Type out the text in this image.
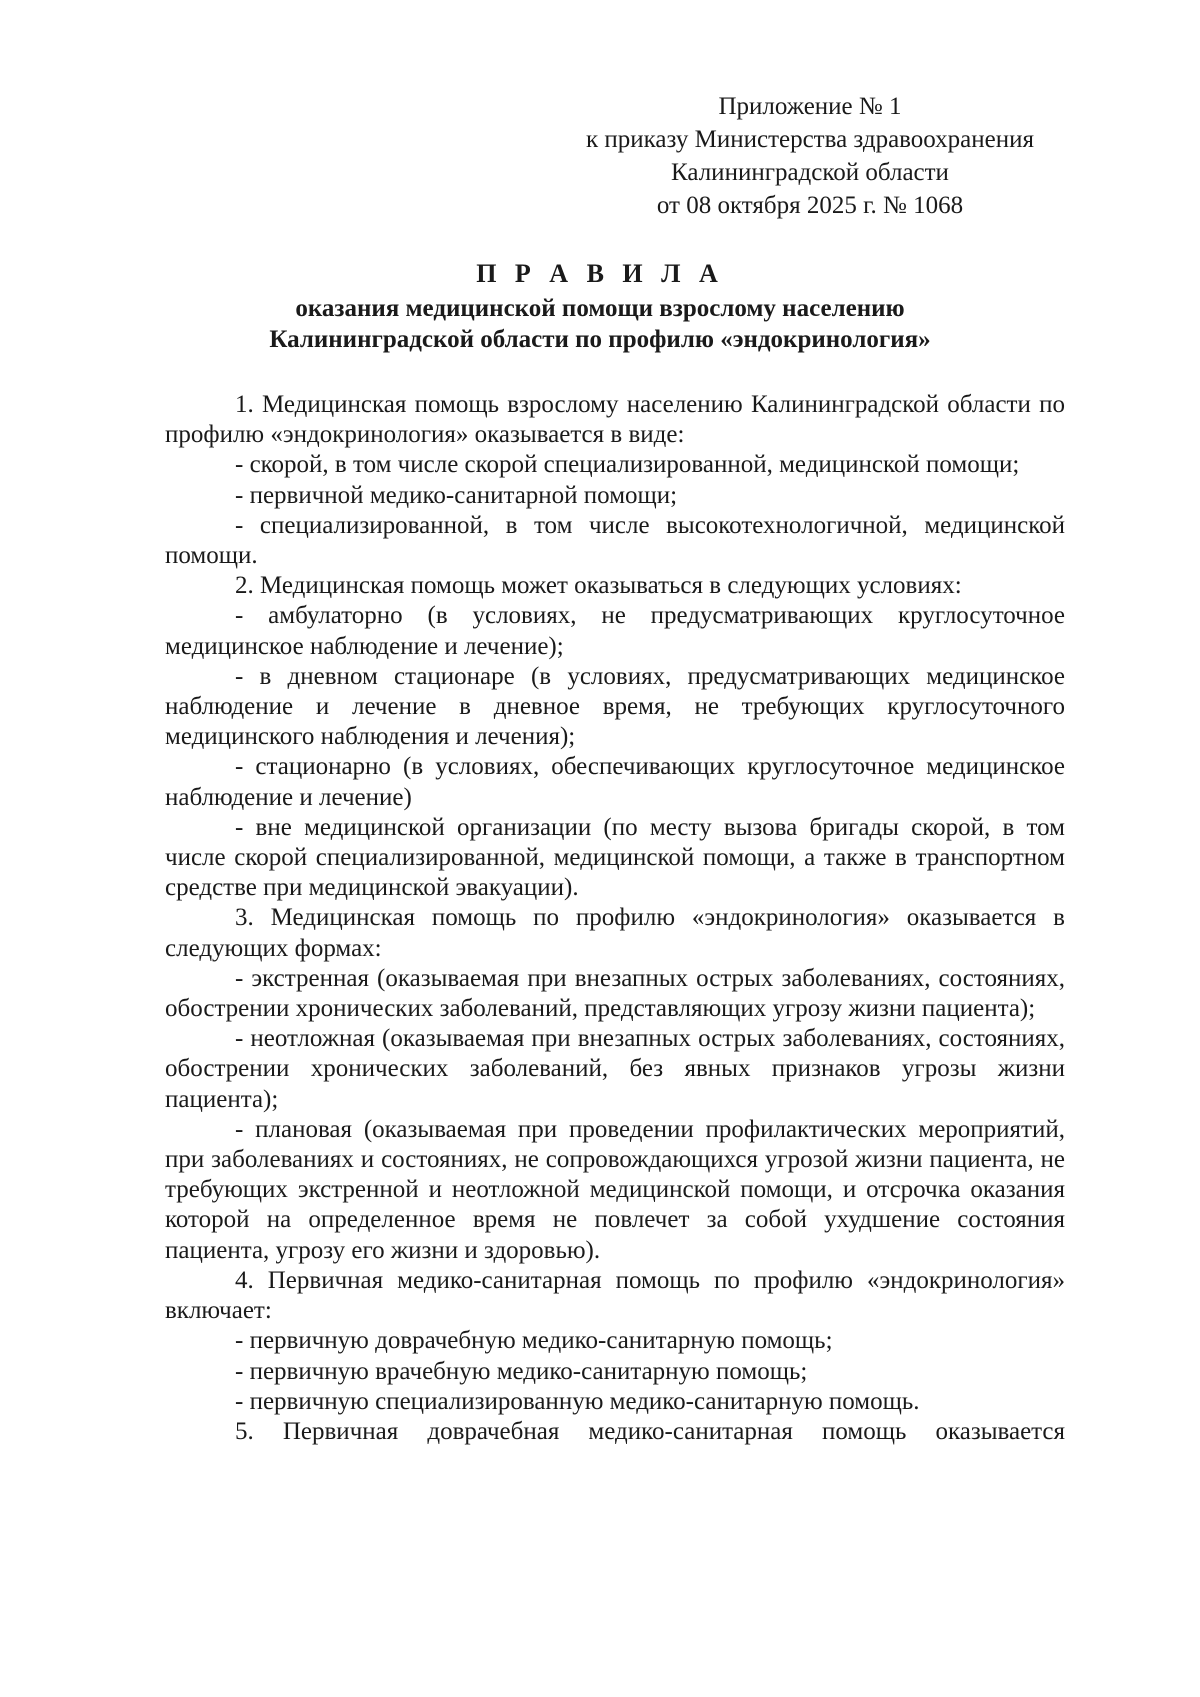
Приложение № 1
к приказу Министерства здравоохранения
Калининградской области
от 08 октября 2025 г. № 1068
П Р А В И Л А
оказания медицинской помощи взрослому населению
Калининградской области по профилю «эндокринология»

1. Медицинская помощь взрослому населению Калининградской области по профилю «эндокринология» оказывается в виде:

- скорой, в том числе скорой специализированной, медицинской помощи;

- первичной медико-санитарной помощи;

- специализированной, в том числе высокотехнологичной, медицинской помощи.

2. Медицинская помощь может оказываться в следующих условиях:

- амбулаторно (в условиях, не предусматривающих круглосуточное медицинское наблюдение и лечение);

- в дневном стационаре (в условиях, предусматривающих медицинское наблюдение и лечение в дневное время, не требующих круглосуточного медицинского наблюдения и лечения);

- стационарно (в условиях, обеспечивающих круглосуточное медицинское наблюдение и лечение)

- вне медицинской организации (по месту вызова бригады скорой, в том числе скорой специализированной, медицинской помощи, а также в транспортном средстве при медицинской эвакуации).

3. Медицинская помощь по профилю «эндокринология» оказывается в следующих формах:

- экстренная (оказываемая при внезапных острых заболеваниях, состояниях, обострении хронических заболеваний, представляющих угрозу жизни пациента);

- неотложная (оказываемая при внезапных острых заболеваниях, состояниях, обострении хронических заболеваний, без явных признаков угрозы жизни пациента);

- плановая (оказываемая при проведении профилактических мероприятий, при заболеваниях и состояниях, не сопровождающихся угрозой жизни пациента, не требующих экстренной и неотложной медицинской помощи, и отсрочка оказания которой на определенное время не повлечет за собой ухудшение состояния пациента, угрозу его жизни и здоровью).

4. Первичная медико-санитарная помощь по профилю «эндокринология» включает:

- первичную доврачебную медико-санитарную помощь;

- первичную врачебную медико-санитарную помощь;

- первичную специализированную медико-санитарную помощь.

5. Первичная доврачебная медико-санитарная помощь оказывается
